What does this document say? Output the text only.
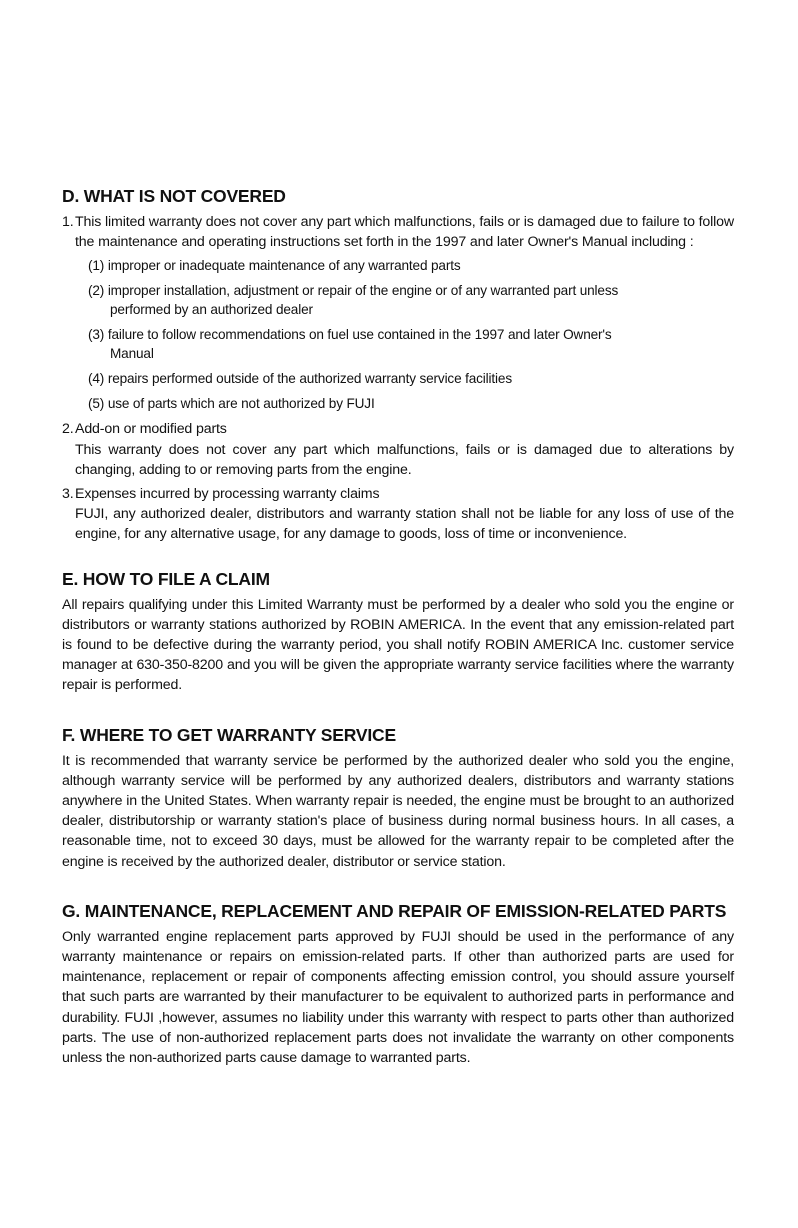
D. WHAT IS NOT COVERED
1. This limited warranty does not cover any part which malfunctions, fails or is damaged due to failure to follow the maintenance and operating instructions set forth in the 1997 and later Owner's Manual including :
(1) improper or inadequate maintenance of any warranted parts
(2) improper installation, adjustment or repair of the engine or of any warranted part unless
performed by an authorized dealer
(3) failure to follow recommendations on fuel use contained in the 1997 and later Owner's
Manual
(4) repairs performed outside of the authorized warranty service facilities
(5) use of parts which are not authorized by FUJI
2. Add-on or modified parts
This warranty does not cover any part which malfunctions, fails or is damaged due to alterations by changing, adding to or removing parts from the engine.
3. Expenses incurred by processing warranty claims
FUJI, any authorized dealer, distributors and warranty station shall not be liable for any loss of use of the engine, for any alternative usage, for any damage to goods, loss of time or inconvenience.
E. HOW TO FILE A CLAIM

All repairs qualifying under this Limited Warranty must be performed by a dealer who sold you the engine or distributors or warranty stations authorized by ROBIN AMERICA. In the event that any emission-related part is found to be defective during the warranty period, you shall notify ROBIN AMERICA Inc. customer service manager at 630-350-8200 and you will be given the appropriate warranty service facilities where the warranty repair is performed.

F. WHERE TO GET WARRANTY SERVICE

It is recommended that warranty service be performed by the authorized dealer who sold you the engine, although warranty service will be performed by any authorized dealers, distributors and warranty stations anywhere in the United States. When warranty repair is needed, the engine must be brought to an authorized dealer, distributorship or warranty station's place of business during normal business hours. In all cases, a reasonable time, not to exceed 30 days, must be allowed for the warranty repair to be completed after the engine is received by the authorized dealer, distributor or service station.

G. MAINTENANCE, REPLACEMENT AND REPAIR OF EMISSION-RELATED PARTS

Only warranted engine replacement parts approved by FUJI should be used in the performance of any warranty maintenance or repairs on emission-related parts. If other than authorized parts are used for maintenance, replacement or repair of components affecting emission control, you should assure yourself that such parts are warranted by their manufacturer to be equivalent to authorized parts in performance and durability. FUJI ,however, assumes no liability under this warranty with respect to parts other than authorized parts. The use of non-authorized replacement parts does not invalidate the warranty on other components unless the non-authorized parts cause damage to warranted parts.
